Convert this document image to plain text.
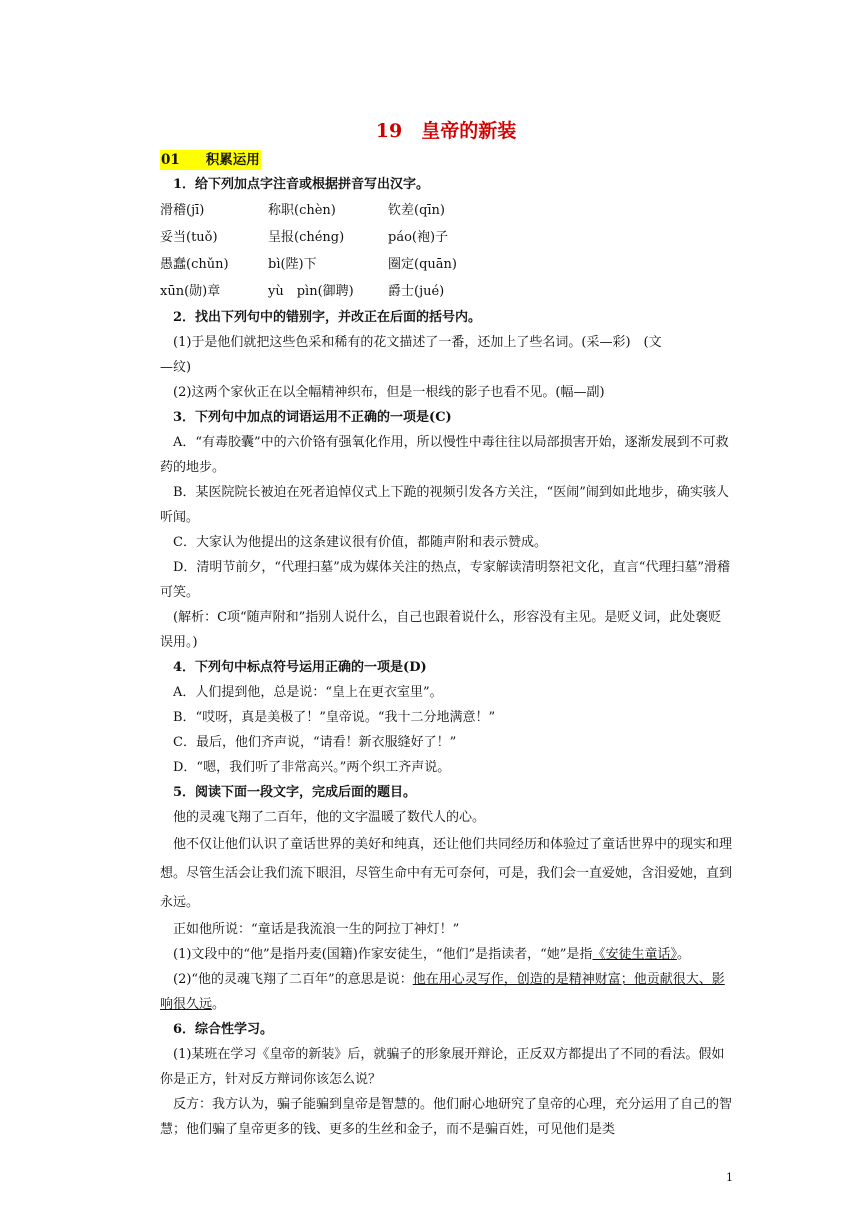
19　皇帝的新装
01 积累运用
1．给下列加点字注音或根据拼音写出汉字。
滑稽(jī)	称职(chèn)	钦差(qīn)
妥当(tuǒ)	呈报(chéng)	páo(袍)子
愚蠢(chǔn)	bì(陛)下	圈定(quān)
xūn(勋)章	yù　pìn(御聘)	爵士(jué)
2．找出下列句中的错别字，并改正在后面的括号内。
(1)于是他们就把这些色采和稀有的花文描述了一番，还加上了些名词。(采—彩)　(文
—纹)
(2)这两个家伙正在以全幅精神织布，但是一根线的影子也看不见。(幅—副)
3．下列句中加点的词语运用不正确的一项是(C)

A．“有毒胶囊”中的六价铬有强氧化作用，所以慢性中毒往往以局部损害开始，逐渐发展到不可救药的地步。

B．某医院院长被迫在死者追悼仪式上下跪的视频引发各方关注，“医闹”闹到如此地步，确实骇人听闻。

C．大家认为他提出的这条建议很有价值，都随声附和表示赞成。

D．清明节前夕，“代理扫墓”成为媒体关注的热点，专家解读清明祭祀文化，直言“代理扫墓”滑稽可笑。

(解析：C项“随声附和”指别人说什么，自己也跟着说什么，形容没有主见。是贬义词，此处褒贬误用。)

4．下列句中标点符号运用正确的一项是(D)
A．人们提到他，总是说：“皇上在更衣室里”。
B．“哎呀，真是美极了！”皇帝说。“我十二分地满意！”
C．最后，他们齐声说，“请看！新衣服缝好了！”
D．“嗯，我们听了非常高兴。”两个织工齐声说。
5．阅读下面一段文字，完成后面的题目。

他的灵魂飞翔了二百年，他的文字温暖了数代人的心。

他不仅让他们认识了童话世界的美好和纯真，还让他们共同经历和体验过了童话世界中的现实和理想。尽管生活会让我们流下眼泪，尽管生命中有无可奈何，可是，我们会一直爱她，含泪爱她，直到永远。

正如他所说：“童话是我流浪一生的阿拉丁神灯！”

(1)文段中的“他”是指丹麦(国籍)作家安徒生，“他们”是指读者，“她”是指《安徒生童话》。

(2)“他的灵魂飞翔了二百年”的意思是说：他在用心灵写作，创造的是精神财富；他贡献很大、影响很久远。

6．综合性学习。

(1)某班在学习《皇帝的新装》后，就骗子的形象展开辩论，正反双方都提出了不同的看法。假如你是正方，针对反方辩词你该怎么说？

反方：我方认为，骗子能骗到皇帝是智慧的。他们耐心地研究了皇帝的心理，充分运用了自己的智慧；他们骗了皇帝更多的钱、更多的生丝和金子，而不是骗百姓，可见他们是类

1
